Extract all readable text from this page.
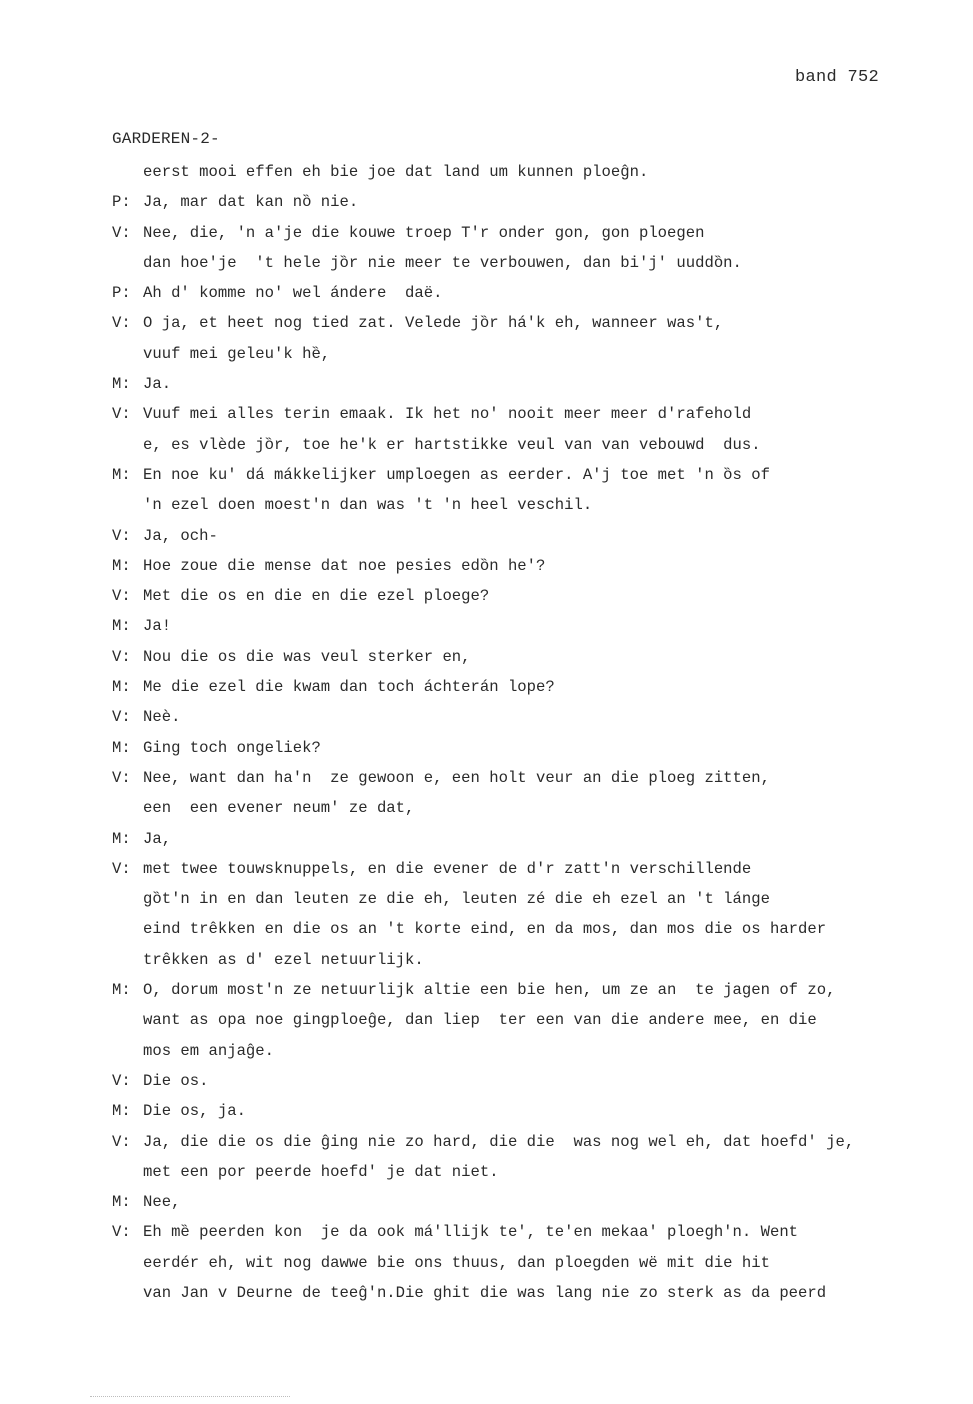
band 752
GARDEREN-2-
eerst mooi effen eh bie joe dat land um kunnen ploeĝn.
P: Ja, mar dat kan nȍ nie.
V: Nee, die, 'n a'je die kouwe troep T'r onder gon, gon ploegen
dan hoe'je  't hele jȍr nie meer te verbouwen, dan bi'j' uuddȍn.
P: Ah d' komme no' wel ándere  daë.
V: O ja, et heet nog tied zat. Velede jȍr há'k eh, wanneer was't,
vuuf mei geleu'k hȅ,
M: Ja.
V: Vuuf mei alles terin emaak. Ik het no' nooit meer meer d'rafehold
e, es vlède jȍr, toe he'k er hartstikke veul van van vebouwd  dus.
M: En noe ku' dá mákkelijker umploegen as eerder. A'j toe met 'n ȍs of
'n ezel doen moest'n dan was 't 'n heel veschil.
V: Ja, och-
M: Hoe zoue die mense dat noe pesies edȍn he'?
V: Met die os en die en die ezel ploege?
M: Ja!
V: Nou die os die was veul sterker en,
M: Me die ezel die kwam dan toch áchterán lope?
V: Neè.
M: Ging toch ongeliek?
V: Nee, want dan ha'n  ze gewoon e, een holt veur an die ploeg zitten,
een  een evener neum' ze dat,
M: Ja,
V: met twee touwsknuppels, en die evener de d'r zatt'n verschillende
gȍt'n in en dan leuten ze die eh, leuten zé die eh ezel an 't lánge
eind trêkken en die os an 't korte eind, en da mos, dan mos die os harder
trêkken as d' ezel netuurlijk.
M: O, dorum most'n ze netuurlijk altie een bie hen, um ze an  te jagen of zo,
want as opa noe gingploeĝe, dan liep  ter een van die andere mee, en die
mos em anjaĝe.
V: Die os.
M: Die os, ja.
V: Ja, die die os die ĝing nie zo hard, die die  was nog wel eh, dat hoefd' je,
met een por peerde hoefd' je dat niet.
M: Nee,
V: Eh mȅ peerden kon  je da ook má'llijk te', te'en mekaa' ploegh'n. Went
eerdér eh, wit nog dawwe bie ons thuus, dan ploegden wë mit die hit
van Jan v Deurne de teeĝ'n.Die ghit die was lang nie zo sterk as da peerd
